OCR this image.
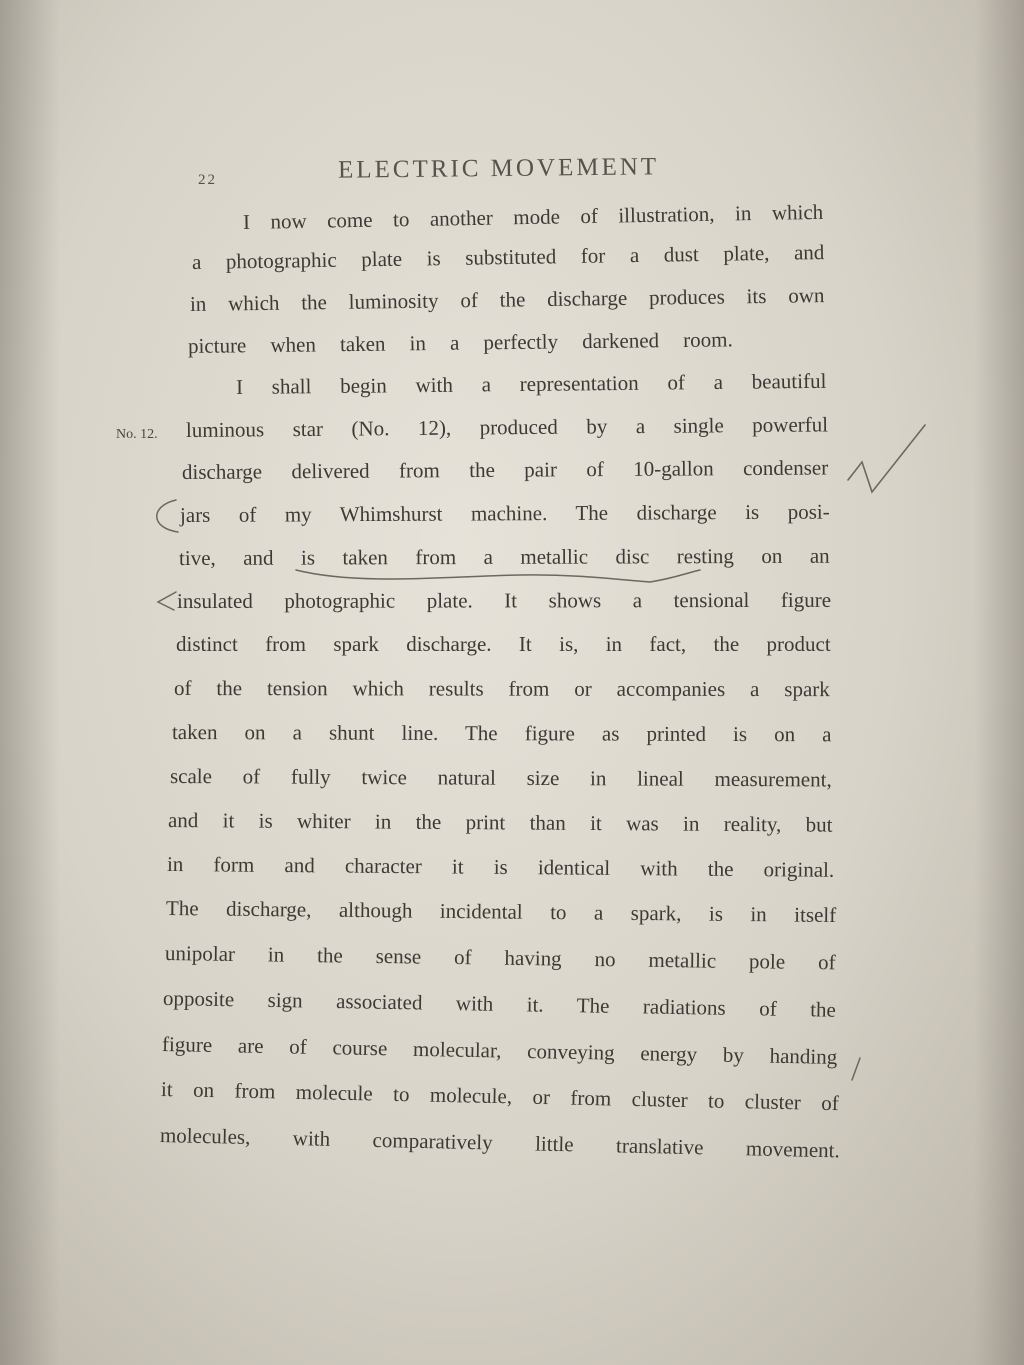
22	ELECTRIC MOVEMENT
No. 12.
I now come to another mode of illustration, in which
a photographic plate is substituted for a dust plate, and
in which the luminosity of the discharge produces its own
picture when taken in a perfectly darkened room.
I shall begin with a representation of a beautiful
luminous star (No. 12), produced by a single powerful
discharge delivered from the pair of 10-gallon condenser
jars of my Whimshurst machine. The discharge is posi-
tive, and is taken from a metallic disc resting on an
insulated photographic plate. It shows a tensional figure
distinct from spark discharge. It is, in fact, the product
of the tension which results from or accompanies a spark
taken on a shunt line. The figure as printed is on a
scale of fully twice natural size in lineal measurement,
and it is whiter in the print than it was in reality, but
in form and character it is identical with the original.
The discharge, although incidental to a spark, is in itself
unipolar in the sense of having no metallic pole of
opposite sign associated with it. The radiations of the
figure are of course molecular, conveying energy by handing
it on from molecule to molecule, or from cluster to cluster of
molecules, with comparatively little translative movement.
